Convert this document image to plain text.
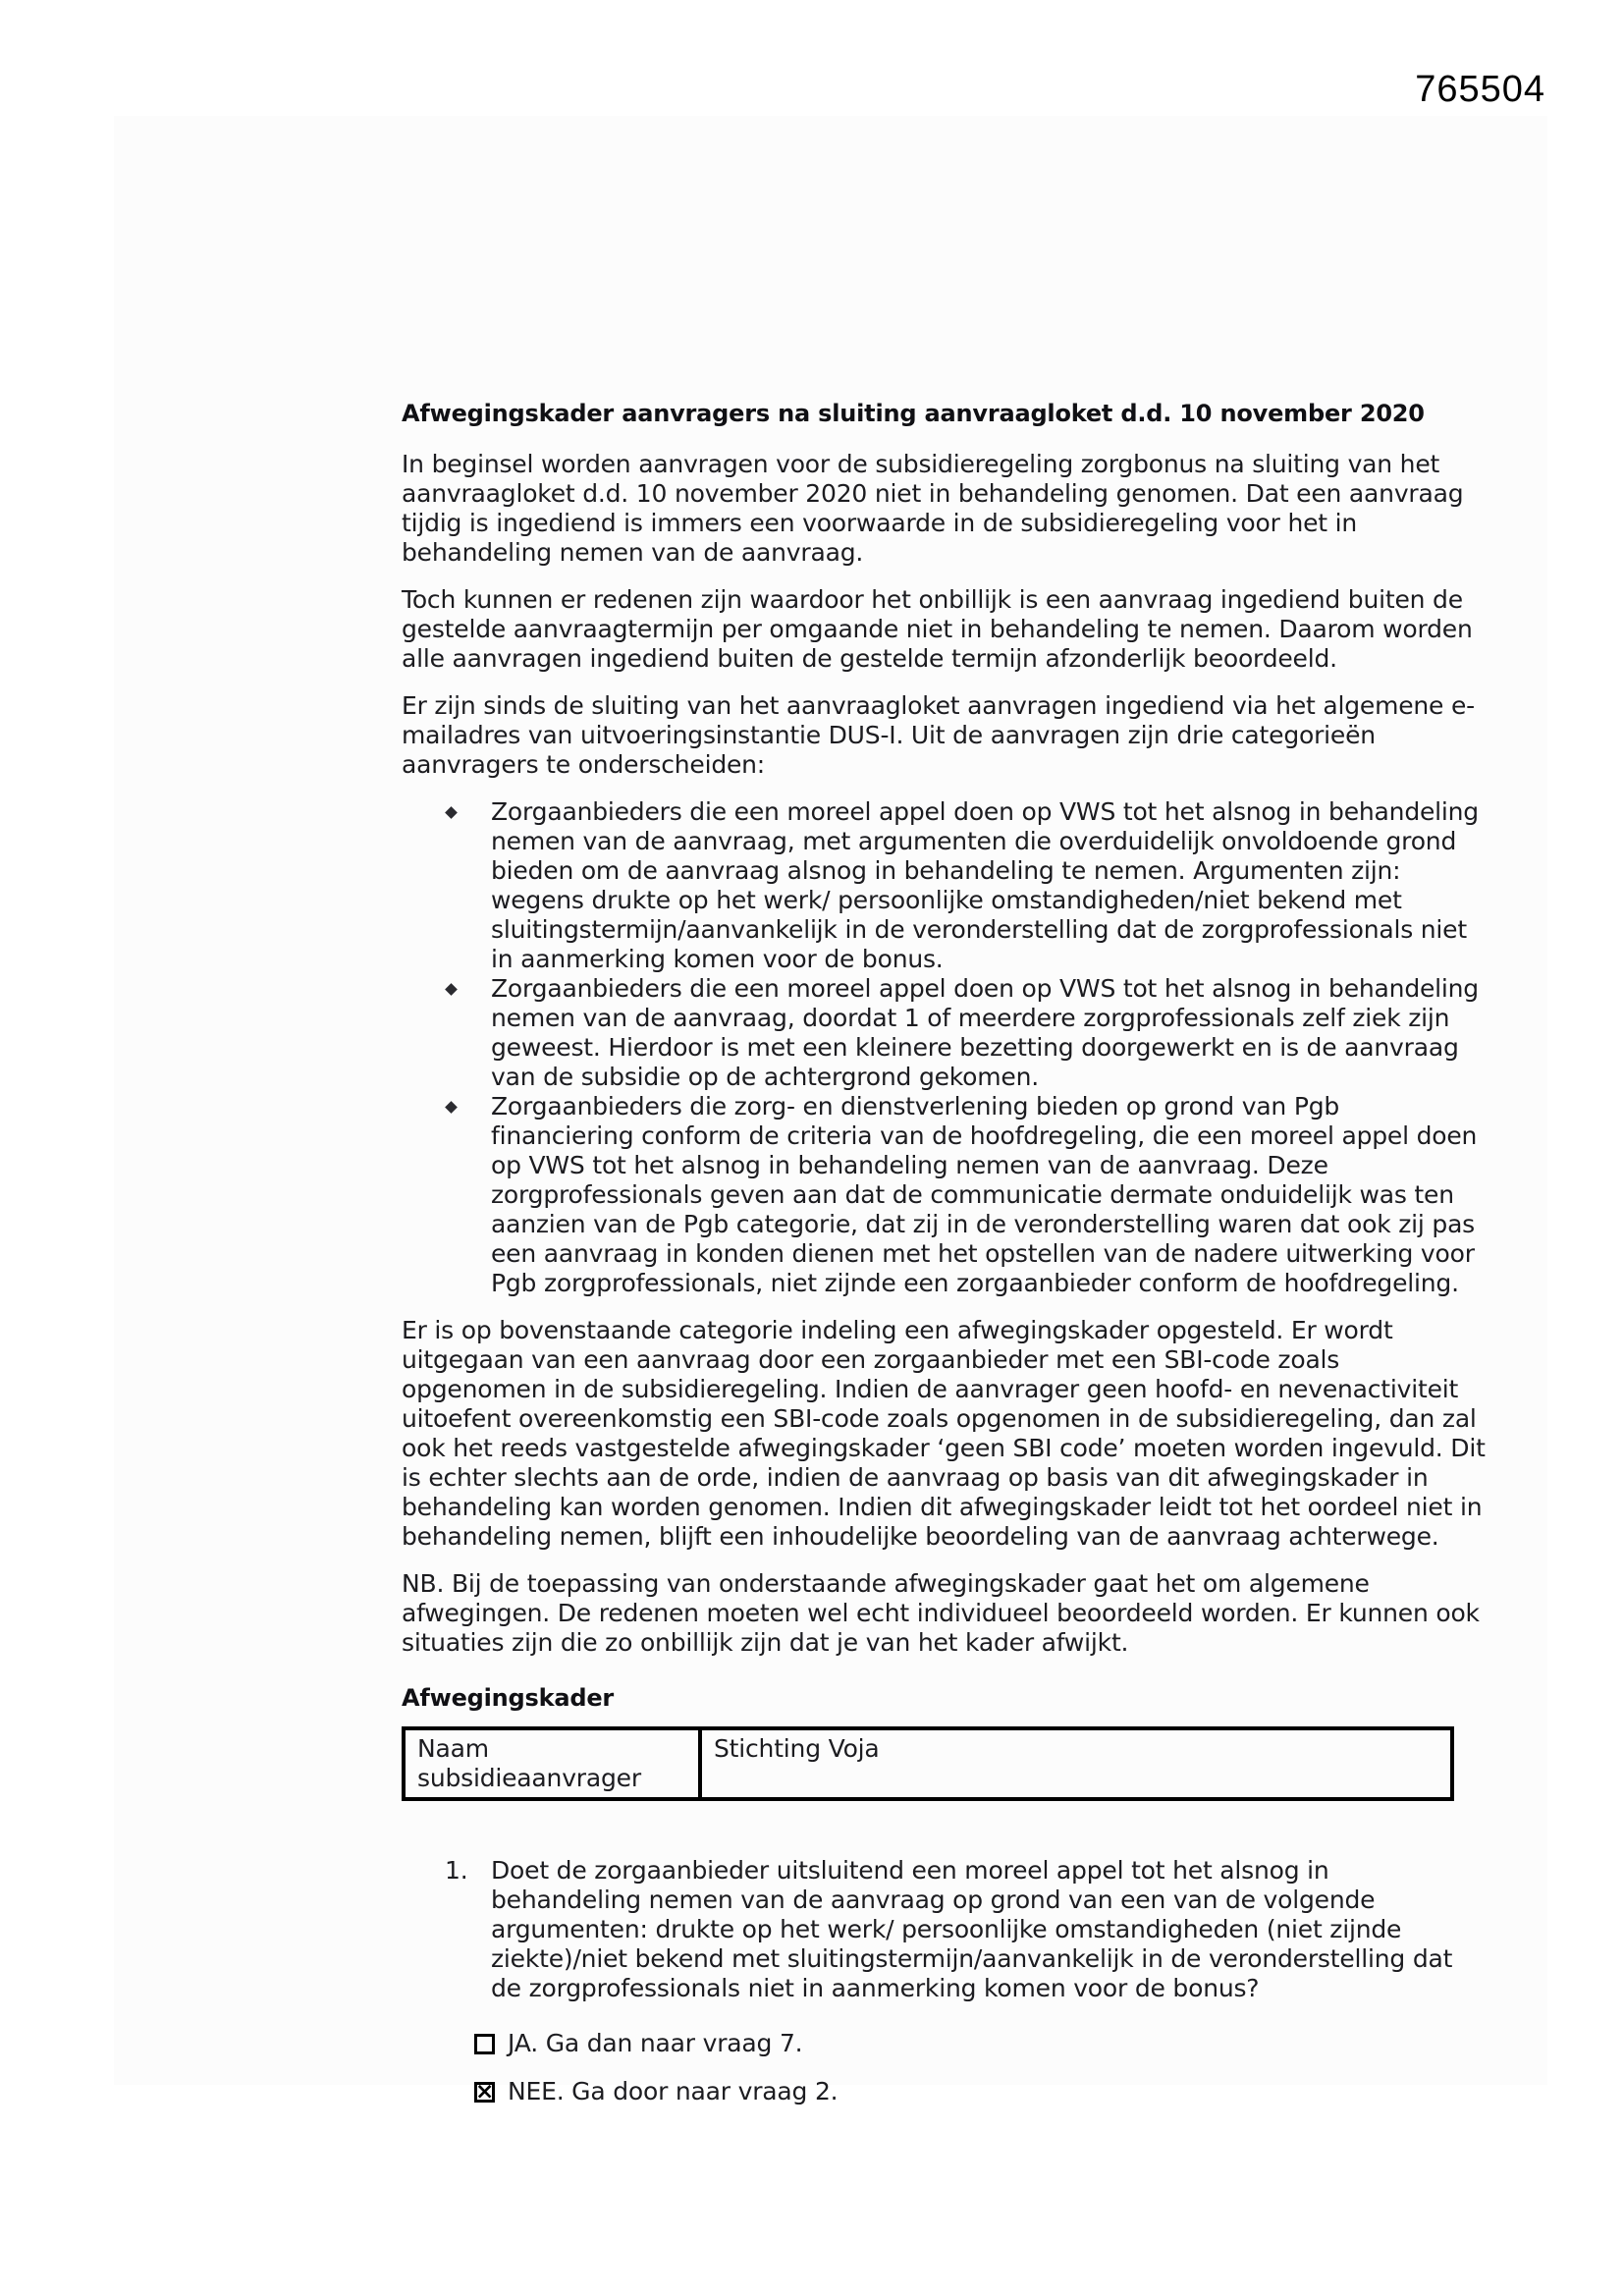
765504
Afwegingskader aanvragers na sluiting aanvraagloket d.d. 10 november 2020

In beginsel worden aanvragen voor de subsidieregeling zorgbonus na sluiting van het aanvraagloket d.d. 10 november 2020 niet in behandeling genomen. Dat een aanvraag tijdig is ingediend is immers een voorwaarde in de subsidieregeling voor het in behandeling nemen van de aanvraag.

Toch kunnen er redenen zijn waardoor het onbillijk is een aanvraag ingediend buiten de gestelde aanvraagtermijn per omgaande niet in behandeling te nemen. Daarom worden alle aanvragen ingediend buiten de gestelde termijn afzonderlijk beoordeeld.

Er zijn sinds de sluiting van het aanvraagloket aanvragen ingediend via het algemene e-mailadres van uitvoeringsinstantie DUS-I. Uit de aanvragen zijn drie categorieën aanvragers te onderscheiden:

Zorgaanbieders die een moreel appel doen op VWS tot het alsnog in behandeling nemen van de aanvraag, met argumenten die overduidelijk onvoldoende grond bieden om de aanvraag alsnog in behandeling te nemen. Argumenten zijn: wegens drukte op het werk/ persoonlijke omstandigheden/niet bekend met sluitingstermijn/aanvankelijk in de veronderstelling dat de zorgprofessionals niet in aanmerking komen voor de bonus.
Zorgaanbieders die een moreel appel doen op VWS tot het alsnog in behandeling nemen van de aanvraag, doordat 1 of meerdere zorgprofessionals zelf ziek zijn geweest. Hierdoor is met een kleinere bezetting doorgewerkt en is de aanvraag van de subsidie op de achtergrond gekomen.
Zorgaanbieders die zorg- en dienstverlening bieden op grond van Pgb financiering conform de criteria van de hoofdregeling, die een moreel appel doen op VWS tot het alsnog in behandeling nemen van de aanvraag. Deze zorgprofessionals geven aan dat de communicatie dermate onduidelijk was ten aanzien van de Pgb categorie, dat zij in de veronderstelling waren dat ook zij pas een aanvraag in konden dienen met het opstellen van de nadere uitwerking voor Pgb zorgprofessionals, niet zijnde een zorgaanbieder conform de hoofdregeling.

Er is op bovenstaande categorie indeling een afwegingskader opgesteld. Er wordt uitgegaan van een aanvraag door een zorgaanbieder met een SBI-code zoals opgenomen in de subsidieregeling. Indien de aanvrager geen hoofd- en nevenactiviteit uitoefent overeenkomstig een SBI-code zoals opgenomen in de subsidieregeling, dan zal ook het reeds vastgestelde afwegingskader ‘geen SBI code’ moeten worden ingevuld. Dit is echter slechts aan de orde, indien de aanvraag op basis van dit afwegingskader in behandeling kan worden genomen. Indien dit afwegingskader leidt tot het oordeel niet in behandeling nemen, blijft een inhoudelijke beoordeling van de aanvraag achterwege.

NB. Bij de toepassing van onderstaande afwegingskader gaat het om algemene afwegingen. De redenen moeten wel echt individueel beoordeeld worden. Er kunnen ook situaties zijn die zo onbillijk zijn dat je van het kader afwijkt.

Afwegingskader
Naam subsidieaanvrager	Stichting Voja
1. Doet de zorgaanbieder uitsluitend een moreel appel tot het alsnog in behandeling nemen van de aanvraag op grond van een van de volgende argumenten: drukte op het werk/ persoonlijke omstandigheden (niet zijnde ziekte)/niet bekend met sluitingstermijn/aanvankelijk in de veronderstelling dat de zorgprofessionals niet in aanmerking komen voor de bonus?
JA. Ga dan naar vraag 7.
× NEE. Ga door naar vraag 2.
